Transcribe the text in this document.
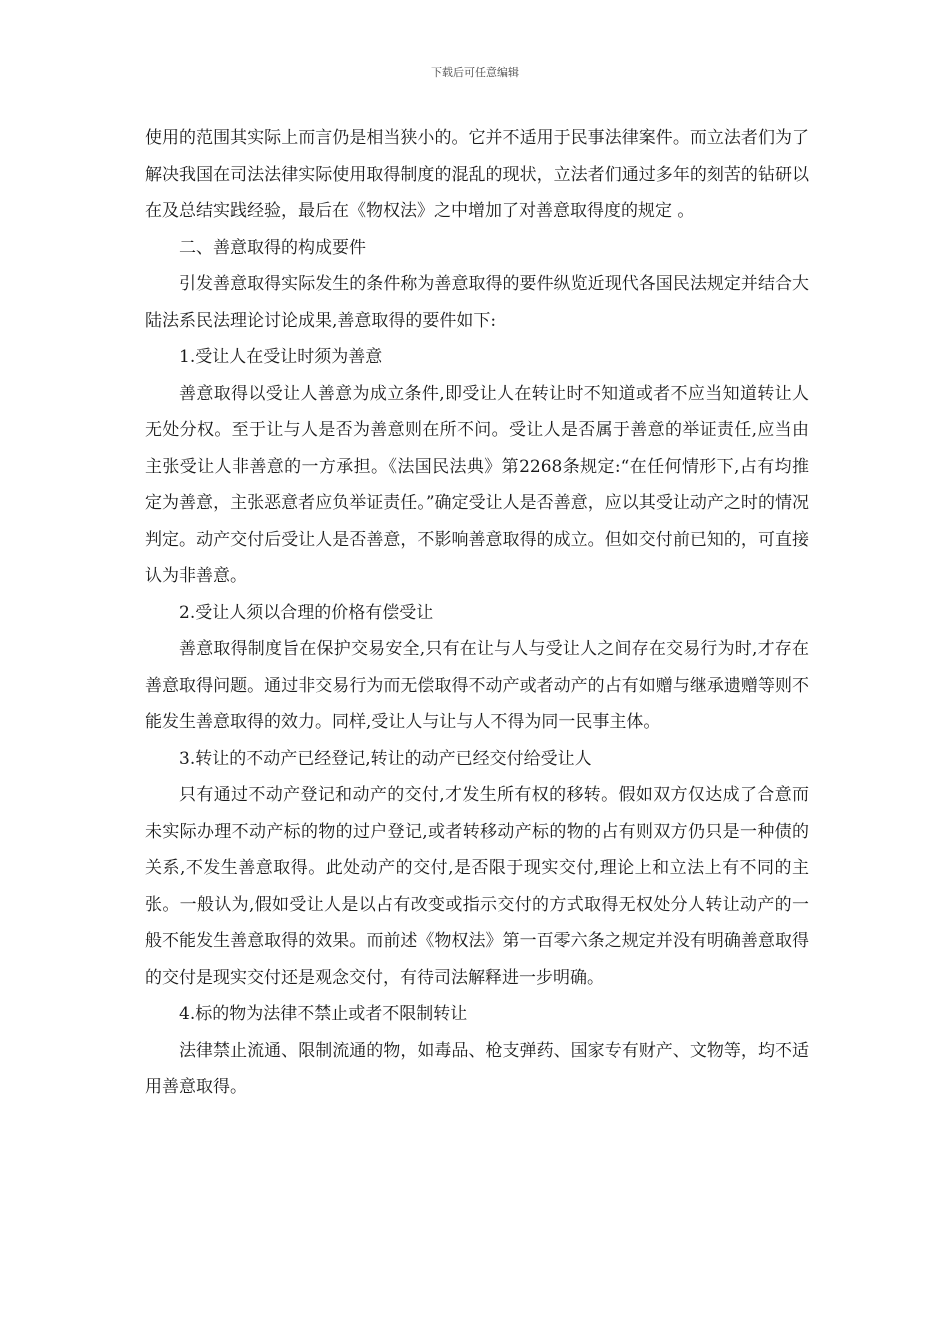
下载后可任意编辑

使用的范围其实际上而言仍是相当狭小的。它并不适用于民事法律案件。而立法者们为了解决我国在司法法律实际使用取得制度的混乱的现状，立法者们通过多年的刻苦的钻研以在及总结实践经验，最后在《物权法》之中增加了对善意取得度的规定 。

二、善意取得的构成要件

引发善意取得实际发生的条件称为善意取得的要件纵览近现代各国民法规定并结合大陆法系民法理论讨论成果,善意取得的要件如下:

1.受让人在受让时须为善意

善意取得以受让人善意为成立条件,即受让人在转让时不知道或者不应当知道转让人无处分权。至于让与人是否为善意则在所不问。受让人是否属于善意的举证责任,应当由主张受让人非善意的一方承担。《法国民法典》第2268条规定:“在任何情形下,占有均推定为善意，主张恶意者应负举证责任。”确定受让人是否善意，应以其受让动产之时的情况判定。动产交付后受让人是否善意，不影响善意取得的成立。但如交付前已知的，可直接认为非善意。

2.受让人须以合理的价格有偿受让

善意取得制度旨在保护交易安全,只有在让与人与受让人之间存在交易行为时,才存在善意取得问题。通过非交易行为而无偿取得不动产或者动产的占有如赠与继承遗赠等则不能发生善意取得的效力。同样,受让人与让与人不得为同一民事主体。

3.转让的不动产已经登记,转让的动产已经交付给受让人

只有通过不动产登记和动产的交付,才发生所有权的移转。假如双方仅达成了合意而未实际办理不动产标的物的过户登记,或者转移动产标的物的占有则双方仍只是一种债的关系,不发生善意取得。此处动产的交付,是否限于现实交付,理论上和立法上有不同的主张。一般认为,假如受让人是以占有改变或指示交付的方式取得无权处分人转让动产的一般不能发生善意取得的效果。而前述《物权法》第一百零六条之规定并没有明确善意取得的交付是现实交付还是观念交付，有待司法解释进一步明确。

4.标的物为法律不禁止或者不限制转让

法律禁止流通、限制流通的物，如毒品、枪支弹药、国家专有财产、文物等，均不适用善意取得。
